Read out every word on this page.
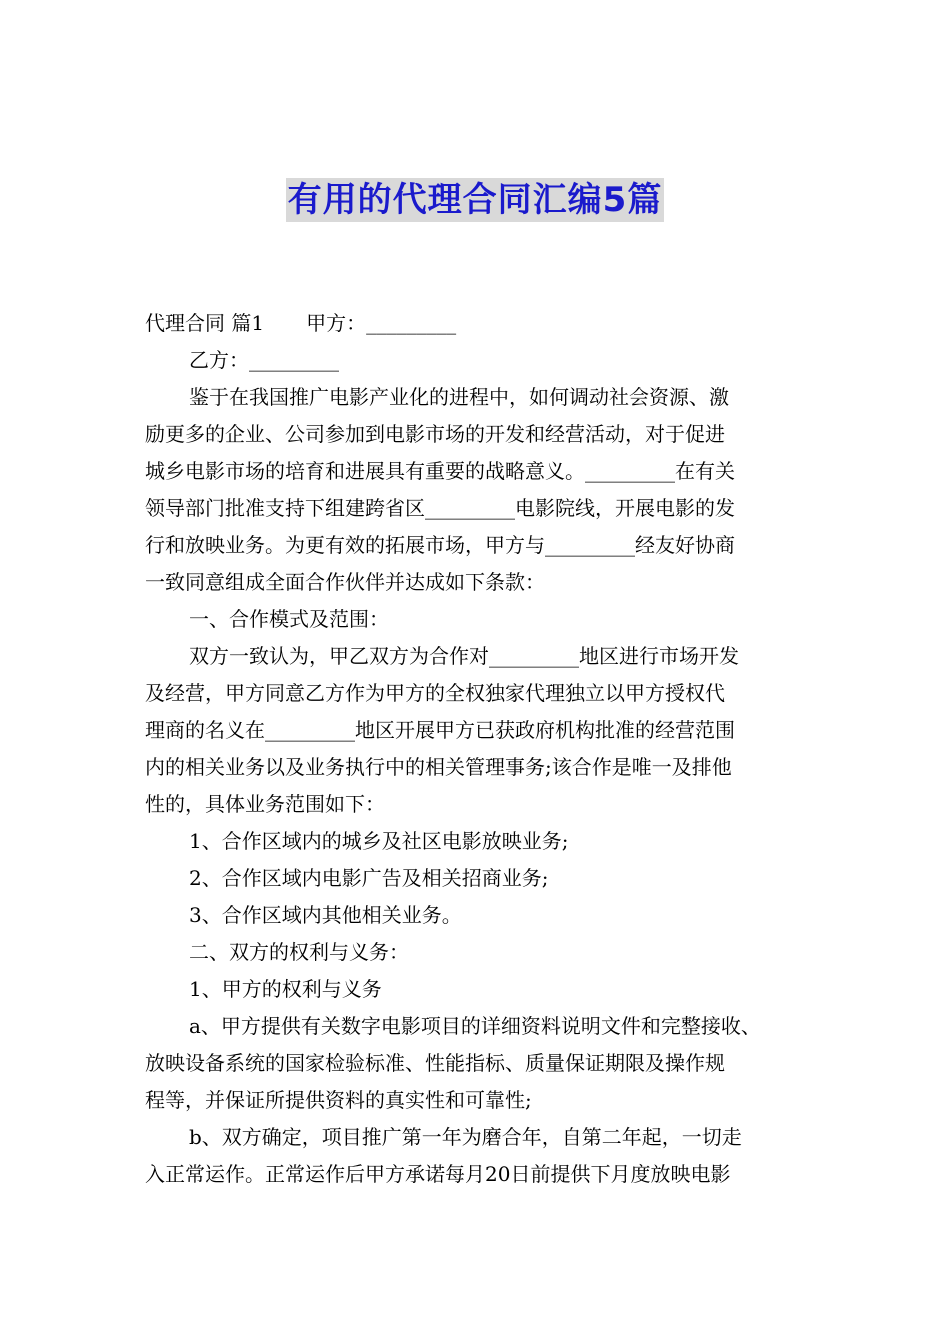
有用的代理合同汇编5篇
代理合同 篇1 甲方：_________
乙方：_________
鉴于在我国推广电影产业化的进程中，如何调动社会资源、激
励更多的企业、公司参加到电影市场的开发和经营活动，对于促进
城乡电影市场的培育和进展具有重要的战略意义。_________在有关
领导部门批准支持下组建跨省区_________电影院线，开展电影的发
行和放映业务。为更有效的拓展市场，甲方与_________经友好协商
一致同意组成全面合作伙伴并达成如下条款：
一、合作模式及范围：
双方一致认为，甲乙双方为合作对_________地区进行市场开发
及经营，甲方同意乙方作为甲方的全权独家代理独立以甲方授权代
理商的名义在_________地区开展甲方已获政府机构批准的经营范围
内的相关业务以及业务执行中的相关管理事务;该合作是唯一及排他
性的，具体业务范围如下：
1、合作区域内的城乡及社区电影放映业务;
2、合作区域内电影广告及相关招商业务;
3、合作区域内其他相关业务。
二、双方的权利与义务：
1、甲方的权利与义务
a、甲方提供有关数字电影项目的详细资料说明文件和完整接收、
放映设备系统的国家检验标准、性能指标、质量保证期限及操作规
程等，并保证所提供资料的真实性和可靠性;
b、双方确定，项目推广第一年为磨合年，自第二年起，一切走
入正常运作。正常运作后甲方承诺每月20日前提供下月度放映电影
